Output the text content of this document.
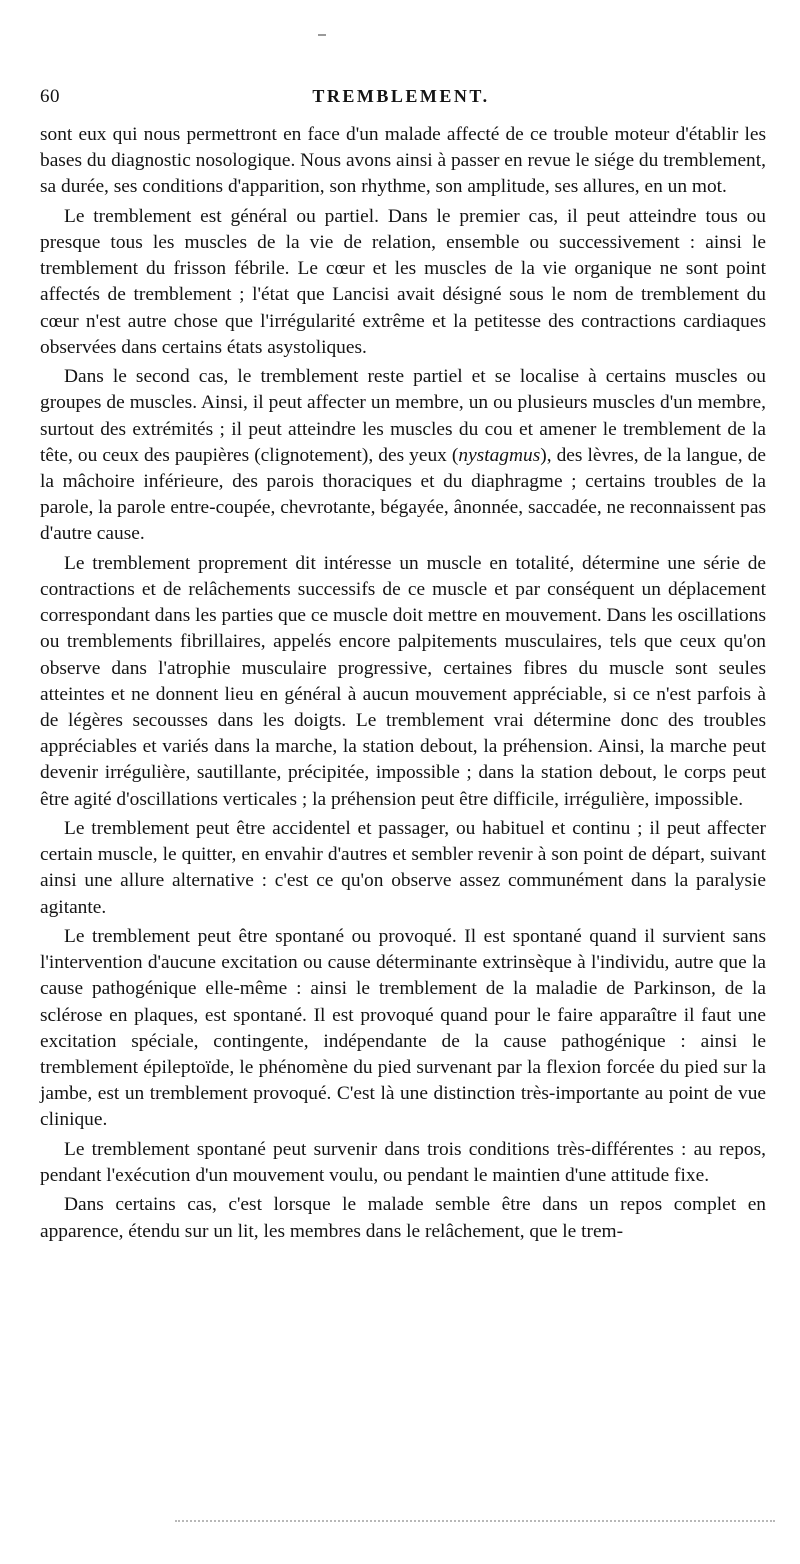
60	TREMBLEMENT.

sont eux qui nous permettront en face d'un malade affecté de ce trouble moteur d'établir les bases du diagnostic nosologique. Nous avons ainsi à passer en revue le siége du tremblement, sa durée, ses conditions d'apparition, son rhythme, son amplitude, ses allures, en un mot.

Le tremblement est général ou partiel. Dans le premier cas, il peut atteindre tous ou presque tous les muscles de la vie de relation, ensemble ou successivement : ainsi le tremblement du frisson fébrile. Le cœur et les muscles de la vie organique ne sont point affectés de tremblement ; l'état que Lancisi avait désigné sous le nom de tremblement du cœur n'est autre chose que l'irrégularité extrême et la petitesse des contractions cardiaques observées dans certains états asystoliques.

Dans le second cas, le tremblement reste partiel et se localise à certains muscles ou groupes de muscles. Ainsi, il peut affecter un membre, un ou plusieurs muscles d'un membre, surtout des extrémités ; il peut atteindre les muscles du cou et amener le tremblement de la tête, ou ceux des paupières (clignotement), des yeux (nystagmus), des lèvres, de la langue, de la mâchoire inférieure, des parois thoraciques et du diaphragme ; certains troubles de la parole, la parole entre-coupée, chevrotante, bégayée, ânonnée, saccadée, ne reconnaissent pas d'autre cause.

Le tremblement proprement dit intéresse un muscle en totalité, détermine une série de contractions et de relâchements successifs de ce muscle et par conséquent un déplacement correspondant dans les parties que ce muscle doit mettre en mouvement. Dans les oscillations ou tremblements fibrillaires, appelés encore palpitements musculaires, tels que ceux qu'on observe dans l'atrophie musculaire progressive, certaines fibres du muscle sont seules atteintes et ne donnent lieu en général à aucun mouvement appréciable, si ce n'est parfois à de légères secousses dans les doigts. Le tremblement vrai détermine donc des troubles appréciables et variés dans la marche, la station debout, la préhension. Ainsi, la marche peut devenir irrégulière, sautillante, précipitée, impossible ; dans la station debout, le corps peut être agité d'oscillations verticales ; la préhension peut être difficile, irrégulière, impossible.

Le tremblement peut être accidentel et passager, ou habituel et continu ; il peut affecter certain muscle, le quitter, en envahir d'autres et sembler revenir à son point de départ, suivant ainsi une allure alternative : c'est ce qu'on observe assez communément dans la paralysie agitante.

Le tremblement peut être spontané ou provoqué. Il est spontané quand il survient sans l'intervention d'aucune excitation ou cause déterminante extrinsèque à l'individu, autre que la cause pathogénique elle-même : ainsi le tremblement de la maladie de Parkinson, de la sclérose en plaques, est spontané. Il est provoqué quand pour le faire apparaître il faut une excitation spéciale, contingente, indépendante de la cause pathogénique : ainsi le tremblement épileptoïde, le phénomène du pied survenant par la flexion forcée du pied sur la jambe, est un tremblement provoqué. C'est là une distinction très-importante au point de vue clinique.

Le tremblement spontané peut survenir dans trois conditions très-différentes : au repos, pendant l'exécution d'un mouvement voulu, ou pendant le maintien d'une attitude fixe.

Dans certains cas, c'est lorsque le malade semble être dans un repos complet en apparence, étendu sur un lit, les membres dans le relâchement, que le trem-
